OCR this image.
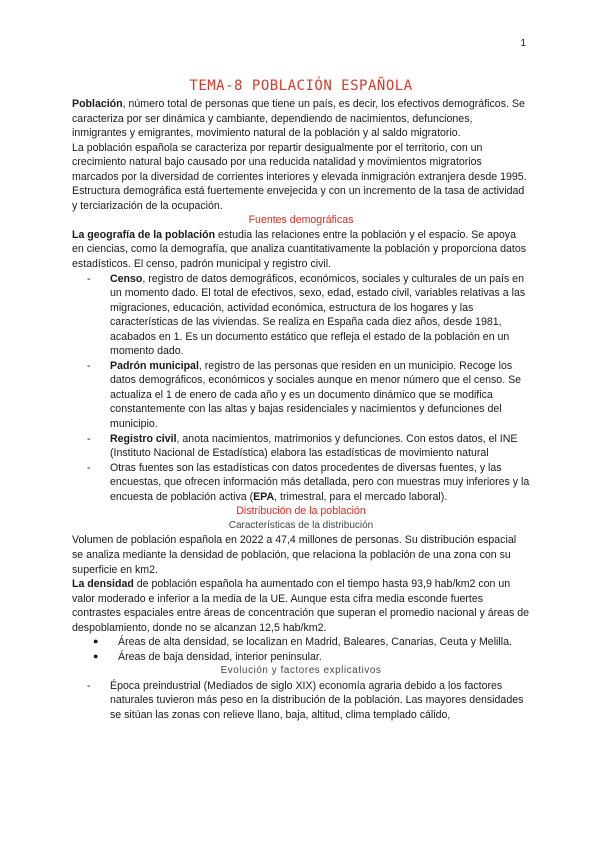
1
TEMA-8 POBLACIÓN ESPAÑOLA

Población, número total de personas que tiene un país, es decir, los efectivos demográficos. Se caracteriza por ser dinámica y cambiante, dependiendo de nacimientos, defunciones, inmigrantes y emigrantes, movimiento natural de la población y al saldo migratorio.

La población española se caracteriza por repartir desigualmente por el territorio, con un crecimiento natural bajo causado por una reducida natalidad y movimientos migratorios marcados por la diversidad de corrientes interiores y elevada inmigración extranjera desde 1995.

Estructura demográfica está fuertemente envejecida y con un incremento de la tasa de actividad y terciarización de la ocupación.

Fuentes demográficas

La geografía de la población estudia las relaciones entre la población y el espacio. Se apoya en ciencias, como la demografía, que analiza cuantitativamente la población y proporciona datos estadísticos. El censo, padrón municipal y registro civil.

- Censo, registro de datos demográficos, económicos, sociales y culturales de un país en un momento dado. El total de efectivos, sexo, edad, estado civil, variables relativas a las migraciones, educación, actividad económica, estructura de los hogares y las características de las viviendas. Se realiza en España cada diez años, desde 1981, acabados en 1. Es un documento estático que refleja el estado de la población en un momento dado.
- Padrón municipal, registro de las personas que residen en un municipio. Recoge los datos demográficos, económicos y sociales aunque en menor número que el censo. Se actualiza el 1 de enero de cada año y es un documento dinámico que se modifica constantemente con las altas y bajas residenciales y nacimientos y defunciones del municipio.
- Registro civil, anota nacimientos, matrimonios y defunciones. Con estos datos, el INE (Instituto Nacional de Estadística) elabora las estadísticas de movimiento natural
- Otras fuentes son las estadísticas con datos procedentes de diversas fuentes, y las encuestas, que ofrecen información más detallada, pero con muestras muy inferiores y la encuesta de población activa (EPA, trimestral, para el mercado laboral).

Distribución de la población

Características de la distribución

Volumen de población española en 2022 a 47,4 millones de personas. Su distribución espacial se analiza mediante la densidad de población, que relaciona la población de una zona con su superficie en km2.

La densidad de población española ha aumentado con el tiempo hasta 93,9 hab/km2 con un valor moderado e inferior a la media de la UE. Aunque esta cifra media esconde fuertes contrastes espaciales entre áreas de concentración que superan el promedio nacional y áreas de despoblamiento, donde no se alcanzan 12,5 hab/km2.

● Áreas de alta densidad, se localizan en Madrid, Baleares, Canarias, Ceuta y Melilla.
● Áreas de baja densidad, interior peninsular.

Evolución y factores explicativos

- Época preindustrial (Mediados de siglo XIX) economía agraria debido a los factores naturales tuvieron más peso en la distribución de la población. Las mayores densidades se sitúan las zonas con relieve llano, baja, altitud, clima templado cálido,
